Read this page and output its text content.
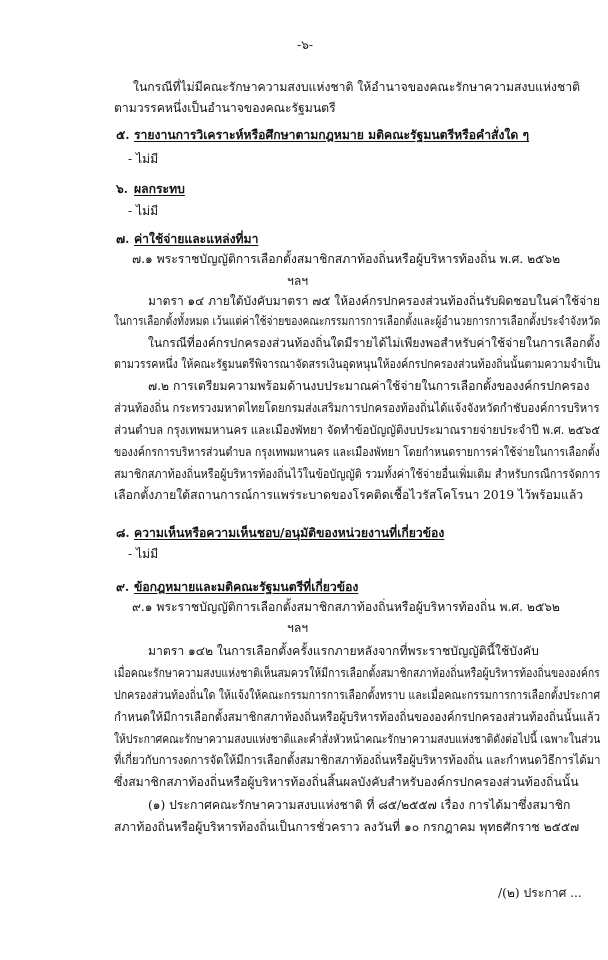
-๖-
ในกรณีที่ไม่มีคณะรักษาความสงบแห่งชาติ ให้อำนาจของคณะรักษาความสงบแห่งชาติ
ตามวรรคหนึ่งเป็นอำนาจของคณะรัฐมนตรี
๕. รายงานการวิเคราะห์หรือศึกษาตามกฎหมาย มติคณะรัฐมนตรีหรือคำสั่งใด ๆ
- ไม่มี
๖. ผลกระทบ
- ไม่มี
๗. ค่าใช้จ่ายและแหล่งที่มา
๗.๑ พระราชบัญญัติการเลือกตั้งสมาชิกสภาท้องถิ่นหรือผู้บริหารท้องถิ่น พ.ศ. ๒๕๖๒
ฯลฯ
มาตรา ๑๔ ภายใต้บังคับมาตรา ๗๕ ให้องค์กรปกครองส่วนท้องถิ่นรับผิดชอบในค่าใช้จ่าย
ในการเลือกตั้งทั้งหมด เว้นแต่ค่าใช้จ่ายของคณะกรรมการการเลือกตั้งและผู้อำนวยการการเลือกตั้งประจำจังหวัด
ในกรณีที่องค์กรปกครองส่วนท้องถิ่นใดมีรายได้ไม่เพียงพอสำหรับค่าใช้จ่ายในการเลือกตั้ง
ตามวรรคหนึ่ง ให้คณะรัฐมนตรีพิจารณาจัดสรรเงินอุดหนุนให้องค์กรปกครองส่วนท้องถิ่นนั้นตามความจำเป็น
๗.๒ การเตรียมความพร้อมด้านงบประมาณค่าใช้จ่ายในการเลือกตั้งของงค์กรปกครอง
ส่วนท้องถิ่น กระทรวงมหาดไทยโดยกรมส่งเสริมการปกครองท้องถิ่นได้แจ้งจังหวัดกำชับองค์การบริหาร
ส่วนตำบล กรุงเทพมหานคร และเมืองพัทยา จัดทำข้อบัญญัติงบประมาณรายจ่ายประจำปี พ.ศ. ๒๕๖๕
ของงค์กรการบริหารส่วนตำบล กรุงเทพมหานคร และเมืองพัทยา โดยกำหนดรายการค่าใช้จ่ายในการเลือกตั้ง
สมาชิกสภาท้องถิ่นหรือผู้บริหารท้องถิ่นไว้ในข้อบัญญัติ รวมทั้งค่าใช้จ่ายอื่นเพิ่มเติม สำหรับกรณีการจัดการ
เลือกตั้งภายใต้สถานการณ์การแพร่ระบาดของโรคติดเชื้อไวรัสโคโรนา 2019 ไว้พร้อมแล้ว
๘. ความเห็นหรือความเห็นชอบ/อนุมัติของหน่วยงานที่เกี่ยวข้อง
- ไม่มี
๙. ข้อกฎหมายและมติคณะรัฐมนตรีที่เกี่ยวข้อง
๙.๑ พระราชบัญญัติการเลือกตั้งสมาชิกสภาท้องถิ่นหรือผู้บริหารท้องถิ่น พ.ศ. ๒๕๖๒
ฯลฯ
มาตรา ๑๔๒ ในการเลือกตั้งครั้งแรกภายหลังจากที่พระราชบัญญัตินี้ใช้บังคับ
เมื่อคณะรักษาความสงบแห่งชาติเห็นสมควรให้มีการเลือกตั้งสมาชิกสภาท้องถิ่นหรือผู้บริหารท้องถิ่นขององค์กร
ปกครองส่วนท้องถิ่นใด ให้แจ้งให้คณะกรรมการการเลือกตั้งทราบ และเมื่อคณะกรรมการการเลือกตั้งประกาศ
กำหนดให้มีการเลือกตั้งสมาชิกสภาท้องถิ่นหรือผู้บริหารท้องถิ่นขององค์กรปกครองส่วนท้องถิ่นนั้นแล้ว
ให้ประกาศคณะรักษาความสงบแห่งชาติและคำสั่งหัวหน้าคณะรักษาความสงบแห่งชาติดังต่อไปนี้ เฉพาะในส่วน
ที่เกี่ยวกับการงดการจัดให้มีการเลือกตั้งสมาชิกสภาท้องถิ่นหรือผู้บริหารท้องถิ่น และกำหนดวิธีการได้มา
ซึ่งสมาชิกสภาท้องถิ่นหรือผู้บริหารท้องถิ่นสิ้นผลบังคับสำหรับองค์กรปกครองส่วนท้องถิ่นนั้น
(๑) ประกาศคณะรักษาความสงบแห่งชาติ ที่ ๘๕/๒๕๕๗ เรื่อง การได้มาซึ่งสมาชิก
สภาท้องถิ่นหรือผู้บริหารท้องถิ่นเป็นการชั่วคราว ลงวันที่ ๑๐ กรกฎาคม พุทธศักราช ๒๕๕๗
/(๒) ประกาศ ...
